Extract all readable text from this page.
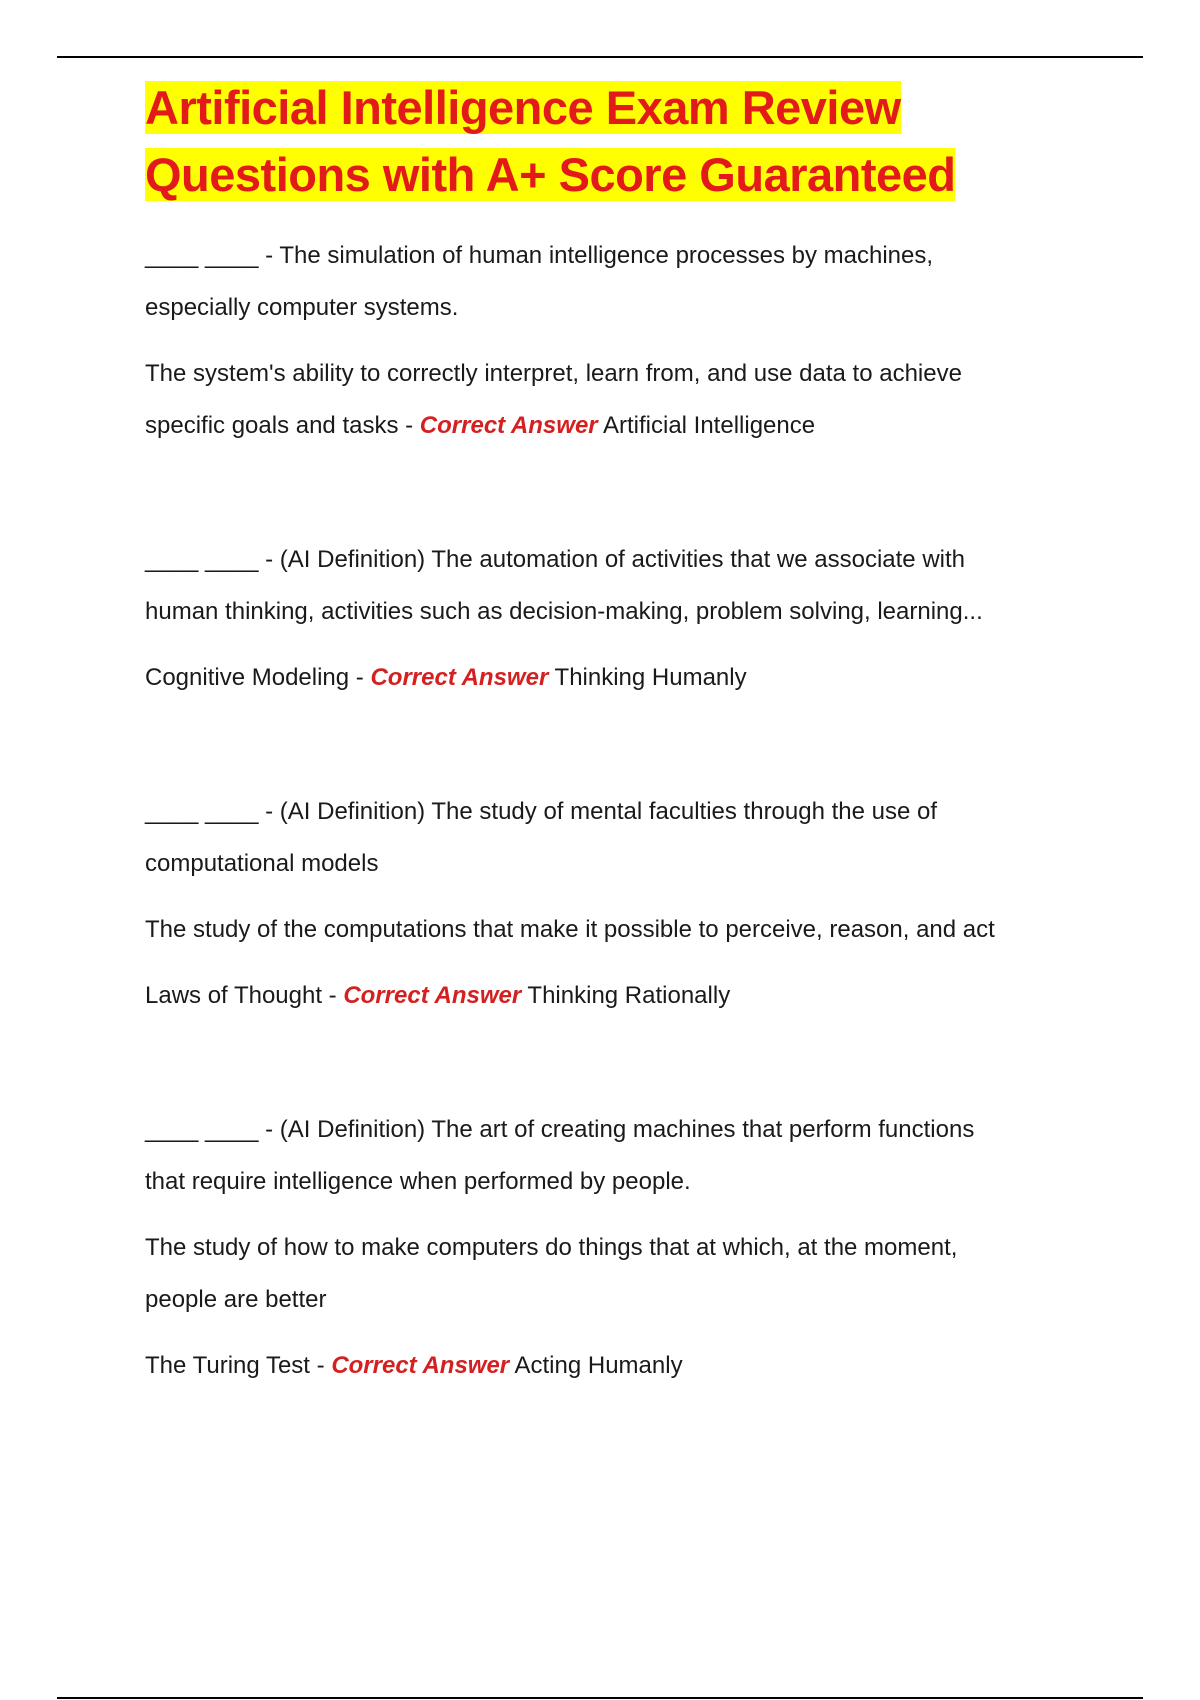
Artificial Intelligence Exam Review
Questions with A+ Score Guaranteed

____ ____ - The simulation of human intelligence processes by machines,

especially computer systems.

The system's ability to correctly interpret, learn from, and use data to achieve

specific goals and tasks - Correct Answer Artificial Intelligence

____ ____ - (AI Definition) The automation of activities that we associate with

human thinking, activities such as decision-making, problem solving, learning...

Cognitive Modeling - Correct Answer Thinking Humanly

____ ____ - (AI Definition) The study of mental faculties through the use of

computational models

The study of the computations that make it possible to perceive, reason, and act

Laws of Thought - Correct Answer Thinking Rationally

____ ____ - (AI Definition) The art of creating machines that perform functions

that require intelligence when performed by people.

The study of how to make computers do things that at which, at the moment,

people are better

The Turing Test - Correct Answer Acting Humanly
